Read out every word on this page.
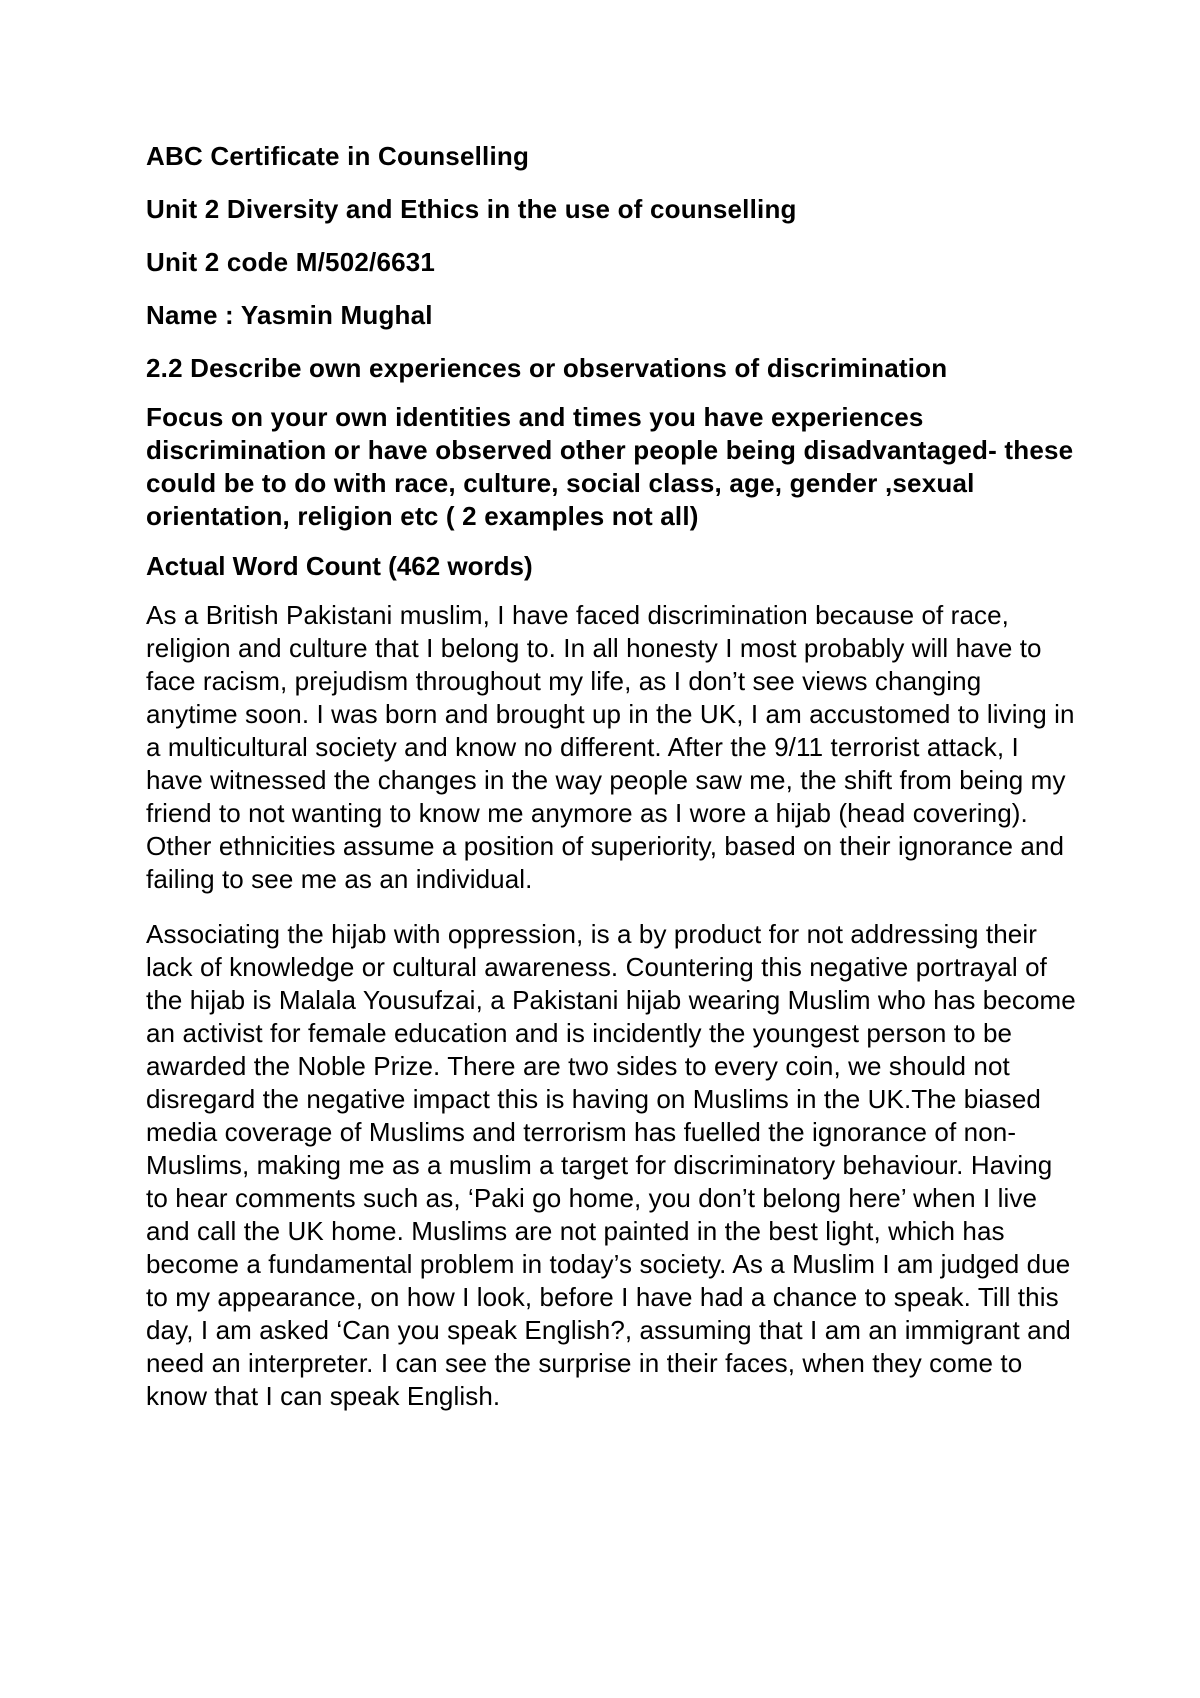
ABC Certificate in Counselling

Unit 2 Diversity and Ethics in the use of counselling

Unit 2 code M/502/6631

Name : Yasmin Mughal

2.2 Describe own experiences or observations of discrimination

Focus on your own identities and times you have experiences discrimination or have observed other people being disadvantaged- these could be to do with race, culture, social class, age, gender ,sexual orientation, religion etc ( 2 examples not all)

Actual Word Count (462 words)

As a British Pakistani muslim, I have faced discrimination because of race, religion and culture that I belong to. In all honesty I most probably will have to face racism, prejudism throughout my life, as I don’t see views changing anytime soon. I was born and brought up in the UK, I am accustomed to living in a multicultural society and know no different. After the 9/11 terrorist attack, I have witnessed the changes in the way people saw me, the shift from being my friend to not wanting to know me anymore as I wore a hijab (head covering). Other ethnicities assume a position of superiority, based on their ignorance and failing to see me as an individual.

Associating the hijab with oppression, is a by product for not addressing their lack of knowledge or cultural awareness. Countering this negative portrayal of the hijab is Malala Yousufzai, a Pakistani hijab wearing Muslim who has become an activist for female education and is incidently the youngest person to be awarded the Noble Prize. There are two sides to every coin, we should not disregard the negative impact this is having on Muslims in the UK.The biased media coverage of Muslims and terrorism has fuelled the ignorance of non-Muslims, making me as a muslim a target for discriminatory behaviour. Having to hear comments such as, ‘Paki go home, you don’t belong here’ when I live and call the UK home. Muslims are not painted in the best light, which has become a fundamental problem in today’s society. As a Muslim I am judged due to my appearance, on how I look, before I have had a chance to speak. Till this day, I am asked ‘Can you speak English?, assuming that I am an immigrant and need an interpreter. I can see the surprise in their faces, when they come to know that I can speak English.
